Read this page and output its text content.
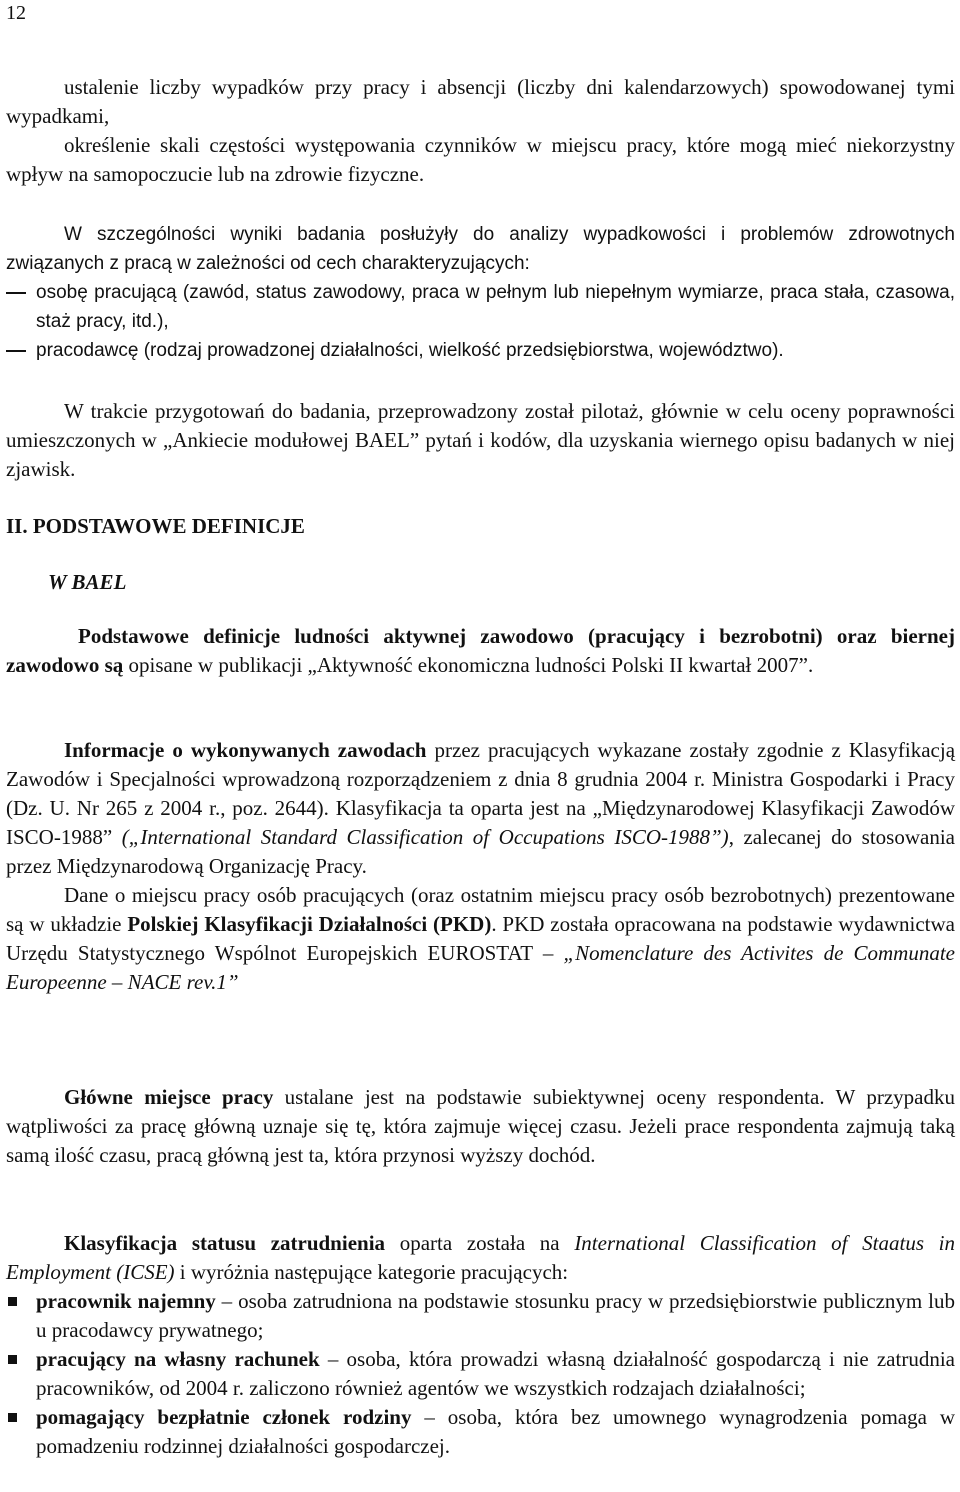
12

ustalenie liczby wypadków przy pracy i absencji (liczby dni kalendarzowych) spowodowanej tymi wypadkami,

określenie skali częstości występowania czynników w miejscu pracy, które mogą mieć niekorzystny wpływ na samopoczucie lub na zdrowie fizyczne.

W szczególności wyniki badania posłużyły do analizy wypadkowości i problemów zdrowotnych związanych z pracą w zależności od cech charakteryzujących:

osobę pracującą (zawód, status zawodowy, praca w pełnym lub niepełnym wymiarze, praca stała, czasowa, staż pracy, itd.),
pracodawcę (rodzaj prowadzonej działalności, wielkość przedsiębiorstwa, województwo).

W trakcie przygotowań do badania, przeprowadzony został pilotaż, głównie w celu oceny poprawności umieszczonych w „Ankiecie modułowej BAEL” pytań i kodów, dla uzyskania wiernego opisu badanych w niej zjawisk.

II. PODSTAWOWE DEFINICJE

W BAEL

Podstawowe definicje ludności aktywnej zawodowo (pracujący i bezrobotni) oraz biernej zawodowo są opisane w publikacji „Aktywność ekonomiczna ludności Polski II kwartał 2007”.

Informacje o wykonywanych zawodach przez pracujących wykazane zostały zgodnie z Klasyfikacją Zawodów i Specjalności wprowadzoną rozporządzeniem z dnia 8 grudnia 2004 r. Ministra Gospodarki i Pracy (Dz. U. Nr 265 z 2004 r., poz. 2644). Klasyfikacja ta oparta jest na „Międzynarodowej Klasyfikacji Zawodów ISCO-1988” („International Standard Classification of Occupations ISCO-1988”), zalecanej do stosowania przez Międzynarodową Organizację Pracy.

Dane o miejscu pracy osób pracujących (oraz ostatnim miejscu pracy osób bezrobotnych) prezentowane są w układzie Polskiej Klasyfikacji Działalności (PKD). PKD została opracowana na podstawie wydawnictwa Urzędu Statystycznego Wspólnot Europejskich EUROSTAT – „Nomenclature des Activites de Communate Europeenne – NACE rev.1”

Główne miejsce pracy ustalane jest na podstawie subiektywnej oceny respondenta. W przypadku wątpliwości za pracę główną uznaje się tę, która zajmuje więcej czasu. Jeżeli prace respondenta zajmują taką samą ilość czasu, pracą główną jest ta, która przynosi wyższy dochód.

Klasyfikacja statusu zatrudnienia oparta została na International Classification of Staatus in Employment (ICSE) i wyróżnia następujące kategorie pracujących:

pracownik najemny – osoba zatrudniona na podstawie stosunku pracy w przedsiębiorstwie publicznym lub u pracodawcy prywatnego;
pracujący na własny rachunek – osoba, która prowadzi własną działalność gospodarczą i nie zatrudnia pracowników, od 2004 r. zaliczono również agentów we wszystkich rodzajach działalności;
pomagający bezpłatnie członek rodziny – osoba, która bez umownego wynagrodzenia pomaga w pomadzeniu rodzinnej działalności gospodarczej.
